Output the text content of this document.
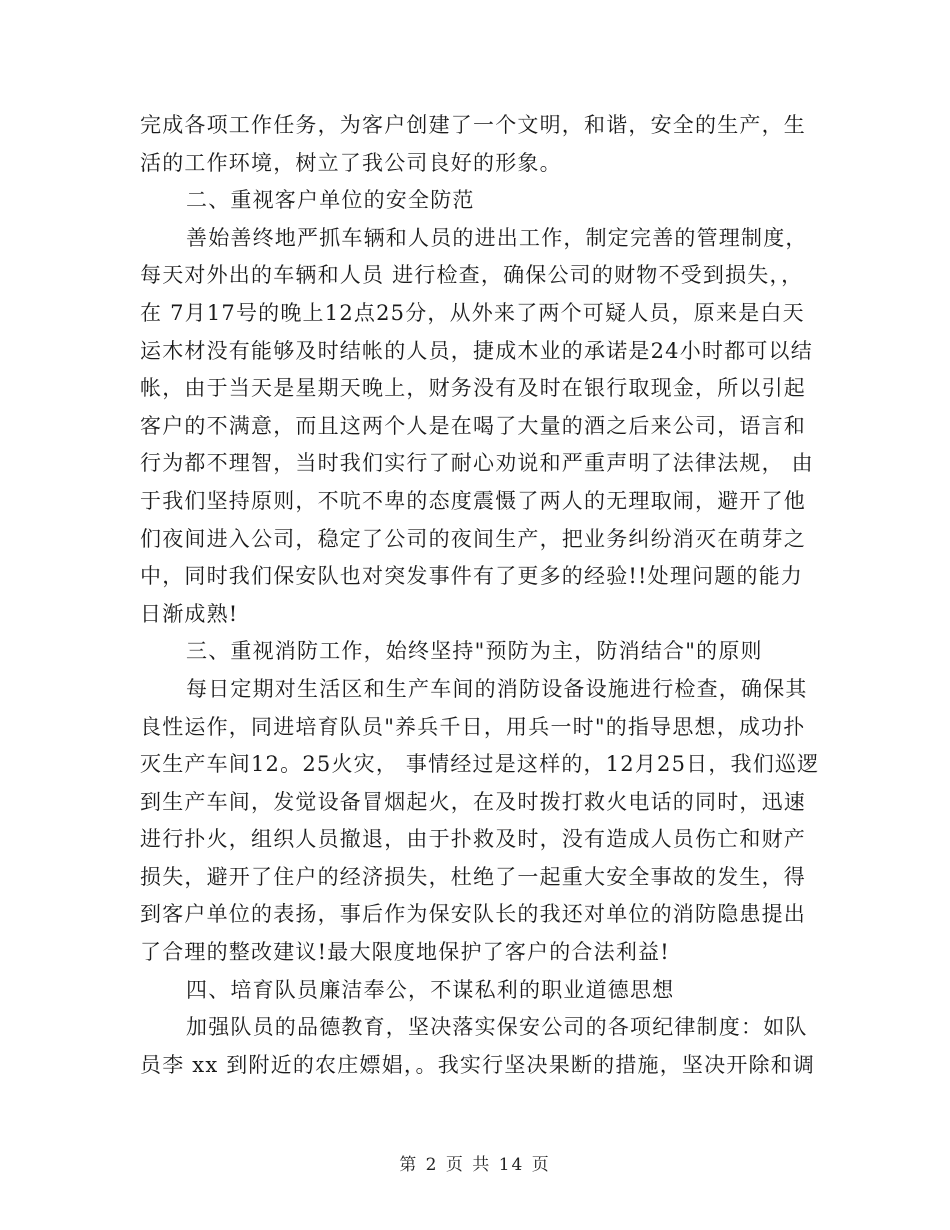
完成各项工作任务，为客户创建了一个文明，和谐，安全的生产，生
活的工作环境，树立了我公司良好的形象。
二、重视客户单位的安全防范
善始善终地严抓车辆和人员的进出工作，制定完善的管理制度，
每天对外出的车辆和人员 进行检查，确保公司的财物不受到损失，，
在 7月17号的晚上12点25分，从外来了两个可疑人员，原来是白天
运木材没有能够及时结帐的人员，捷成木业的承诺是24小时都可以结
帐，由于当天是星期天晚上，财务没有及时在银行取现金，所以引起
客户的不满意，而且这两个人是在喝了大量的酒之后来公司，语言和
行为都不理智，当时我们实行了耐心劝说和严重声明了法律法规， 由
于我们坚持原则，不吭不卑的态度震慑了两人的无理取闹，避开了他
们夜间进入公司，稳定了公司的夜间生产，把业务纠纷消灭在萌芽之
中，同时我们保安队也对突发事件有了更多的经验!!处理问题的能力
日渐成熟!
三、重视消防工作，始终坚持"预防为主，防消结合"的原则
每日定期对生活区和生产车间的消防设备设施进行检查，确保其
良性运作，同进培育队员"养兵千日，用兵一时"的指导思想，成功扑
灭生产车间12。25火灾， 事情经过是这样的，12月25日，我们巡逻
到生产车间，发觉设备冒烟起火，在及时拨打救火电话的同时，迅速
进行扑火，组织人员撤退，由于扑救及时，没有造成人员伤亡和财产
损失，避开了住户的经济损失，杜绝了一起重大安全事故的发生，得
到客户单位的表扬，事后作为保安队长的我还对单位的消防隐患提出
了合理的整改建议!最大限度地保护了客户的合法利益!
四、培育队员廉洁奉公，不谋私利的职业道德思想
加强队员的品德教育，坚决落实保安公司的各项纪律制度：如队
员李 xx 到附近的农庄嫖娼，。我实行坚决果断的措施，坚决开除和调
第 2 页 共 14 页
